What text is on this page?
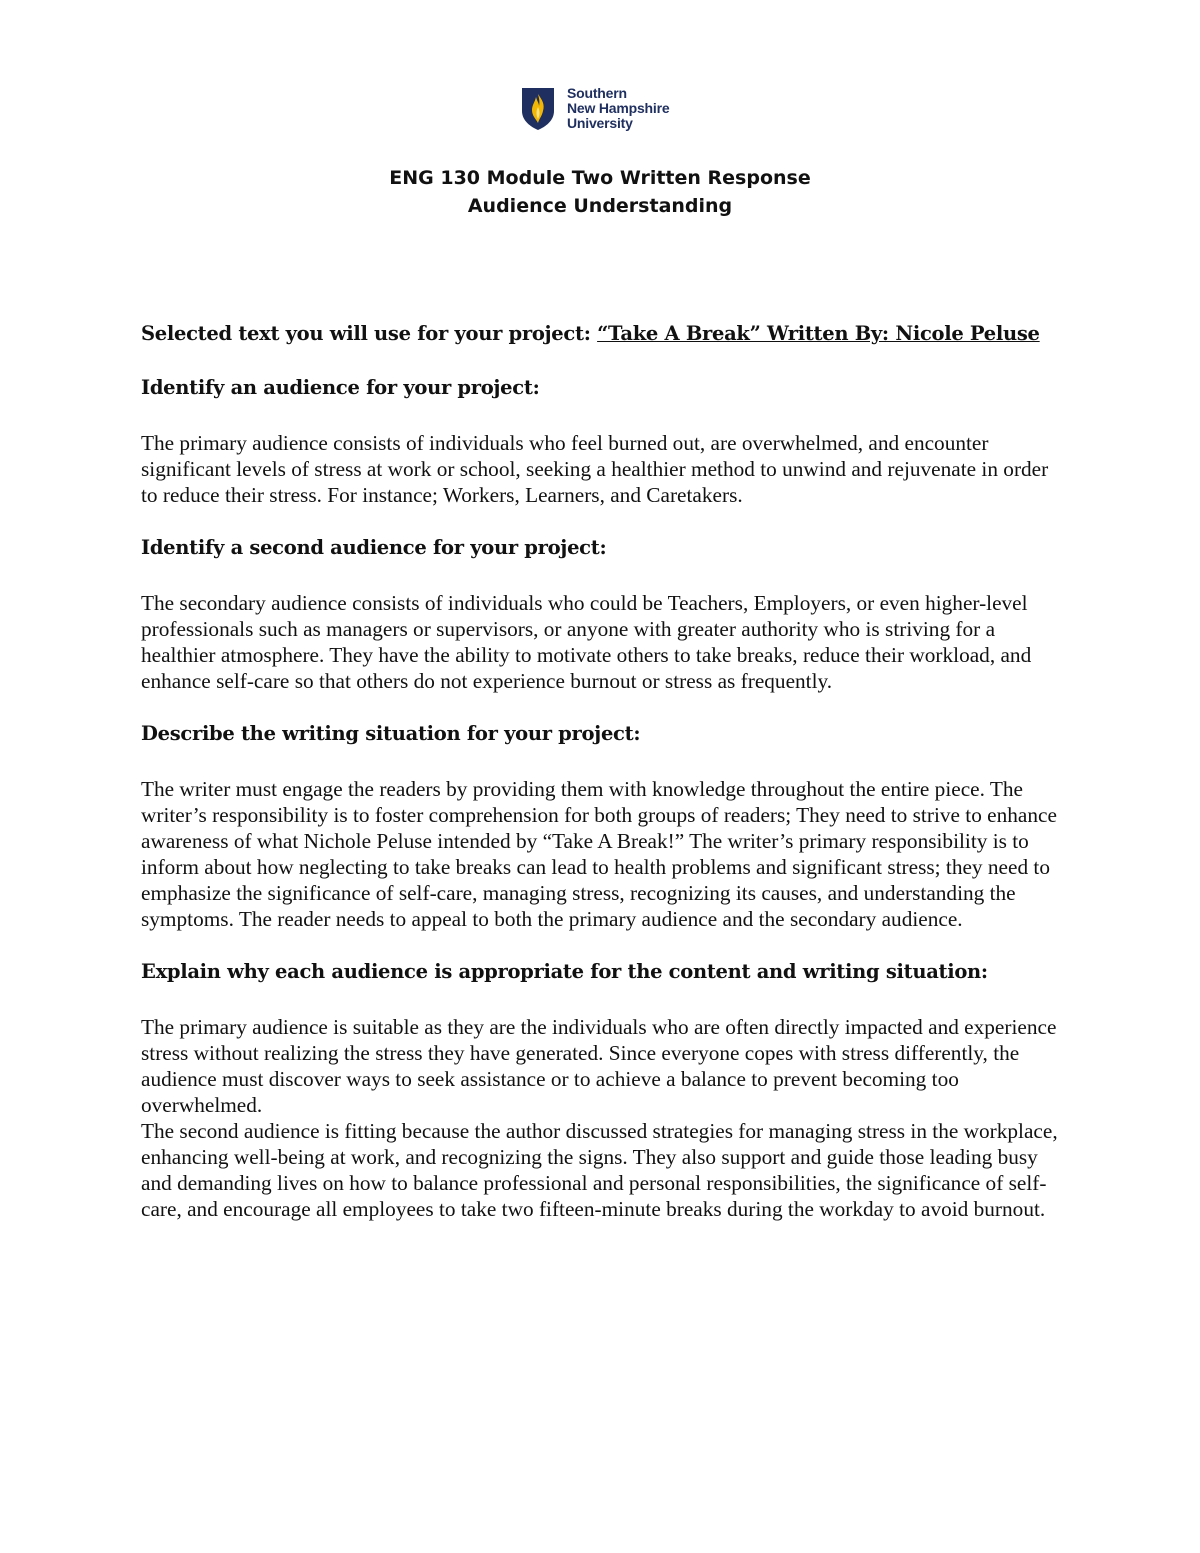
Southern
New Hampshire
University
ENG 130 Module Two Written Response
Audience Understanding

Selected text you will use for your project: “Take A Break” Written By: Nicole Peluse

Identify an audience for your project:

The primary audience consists of individuals who feel burned out, are overwhelmed, and encounter significant levels of stress at work or school, seeking a healthier method to unwind and rejuvenate in order to reduce their stress. For instance; Workers, Learners, and Caretakers.

Identify a second audience for your project:

The secondary audience consists of individuals who could be Teachers, Employers, or even higher-level professionals such as managers or supervisors, or anyone with greater authority who is striving for a healthier atmosphere. They have the ability to motivate others to take breaks, reduce their workload, and enhance self-care so that others do not experience burnout or stress as frequently.

Describe the writing situation for your project:

The writer must engage the readers by providing them with knowledge throughout the entire piece. The writer’s responsibility is to foster comprehension for both groups of readers; They need to strive to enhance awareness of what Nichole Peluse intended by “Take A Break!” The writer’s primary responsibility is to inform about how neglecting to take breaks can lead to health problems and significant stress; they need to emphasize the significance of self-care, managing stress, recognizing its causes, and understanding the symptoms. The reader needs to appeal to both the primary audience and the secondary audience.

Explain why each audience is appropriate for the content and writing situation:

The primary audience is suitable as they are the individuals who are often directly impacted and experience stress without realizing the stress they have generated. Since everyone copes with stress differently, the audience must discover ways to seek assistance or to achieve a balance to prevent becoming too overwhelmed.

The second audience is fitting because the author discussed strategies for managing stress in the workplace, enhancing well-being at work, and recognizing the signs. They also support and guide those leading busy and demanding lives on how to balance professional and personal responsibilities, the significance of self-care, and encourage all employees to take two fifteen-minute breaks during the workday to avoid burnout.
